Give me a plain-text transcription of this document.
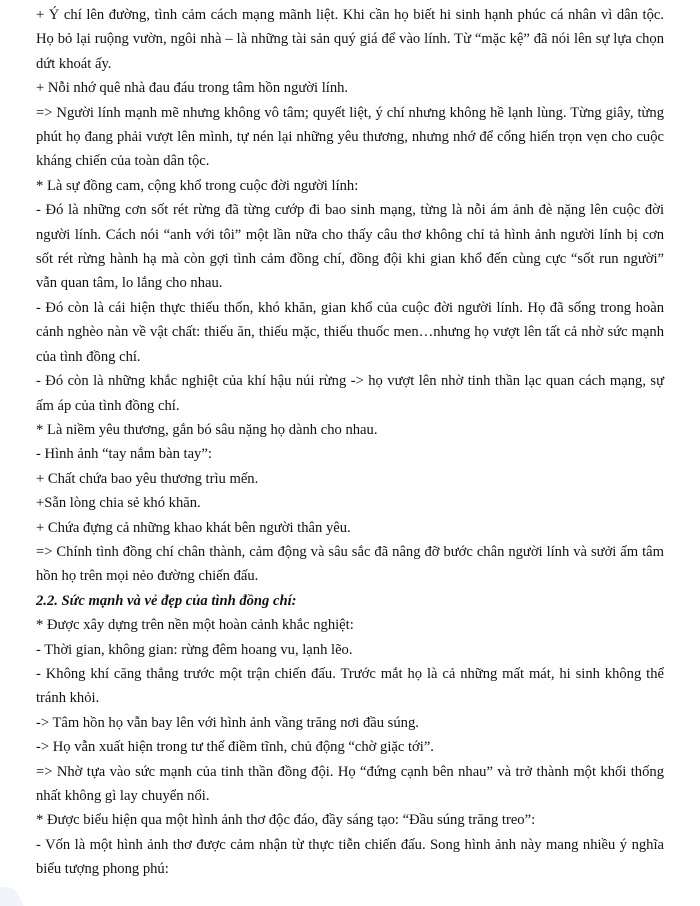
+ Ý chí lên đường, tình cảm cách mạng mãnh liệt. Khi cần họ biết hi sinh hạnh phúc cá nhân vì dân tộc. Họ bỏ lại ruộng vườn, ngôi nhà – là những tài sản quý giá để vào lính. Từ “mặc kệ” đã nói lên sự lựa chọn dứt khoát ấy.

+ Nỗi nhớ quê nhà đau đáu trong tâm hồn người lính.

=> Người lính mạnh mẽ nhưng không vô tâm; quyết liệt, ý chí nhưng không hề lạnh lùng. Từng giây, từng phút họ đang phải vượt lên mình, tự nén lại những yêu thương, nhưng nhớ để cống hiến trọn vẹn cho cuộc kháng chiến của toàn dân tộc.

* Là sự đồng cam, cộng khổ trong cuộc đời người lính:

- Đó là những cơn sốt rét rừng đã từng cướp đi bao sinh mạng, từng là nỗi ám ảnh đè nặng lên cuộc đời người lính. Cách nói “anh với tôi” một lần nữa cho thấy câu thơ không chỉ tả hình ảnh người lính bị cơn sốt rét rừng hành hạ mà còn gợi tình cảm đồng chí, đồng đội khi gian khổ đến cùng cực “sốt run người” vẫn quan tâm, lo lắng cho nhau.

- Đó còn là cái hiện thực thiếu thốn, khó khăn, gian khổ của cuộc đời người lính. Họ đã sống trong hoàn cảnh nghèo nàn về vật chất: thiếu ăn, thiếu mặc, thiếu thuốc men…nhưng họ vượt lên tất cả nhờ sức mạnh của tình đồng chí.

- Đó còn là những khắc nghiệt của khí hậu núi rừng -> họ vượt lên nhờ tinh thần lạc quan cách mạng, sự ấm áp của tình đồng chí.

* Là niềm yêu thương, gắn bó sâu nặng họ dành cho nhau.

- Hình ảnh “tay nắm bàn tay”:

+ Chất chứa bao yêu thương trìu mến.

+Sẵn lòng chia sẻ khó khăn.

+ Chứa đựng cả những khao khát bên người thân yêu.

=> Chính tình đồng chí chân thành, cảm động và sâu sắc đã nâng đỡ bước chân người lính và sưởi ấm tâm hồn họ trên mọi nẻo đường chiến đấu.

2.2. Sức mạnh và vẻ đẹp của tình đồng chí:

* Được xây dựng trên nền một hoàn cảnh khắc nghiệt:

- Thời gian, không gian: rừng đêm hoang vu, lạnh lẽo.

- Không khí căng thẳng trước một trận chiến đấu. Trước mắt họ là cả những mất mát, hi sinh không thể tránh khỏi.

-> Tâm hồn họ vẫn bay lên với hình ảnh vầng trăng nơi đầu súng.

-> Họ vẫn xuất hiện trong tư thế điềm tĩnh, chủ động “chờ giặc tới”.

=> Nhờ tựa vào sức mạnh của tinh thần đồng đội. Họ “đứng cạnh bên nhau” và trở thành một khối thống nhất không gì lay chuyển nổi.

* Được biểu hiện qua một hình ảnh thơ độc đáo, đầy sáng tạo: “Đầu súng trăng treo”:

- Vốn là một hình ảnh thơ được cảm nhận từ thực tiễn chiến đấu. Song hình ảnh này mang nhiều ý nghĩa biểu tượng phong phú:
